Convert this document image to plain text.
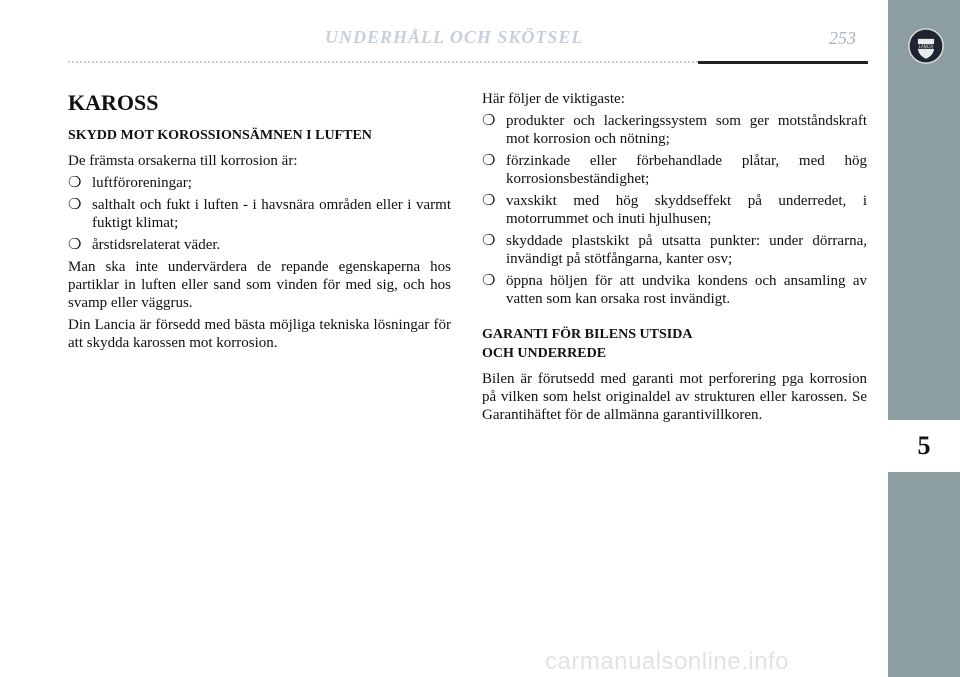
UNDERHÅLL OCH SKÖTSEL	253	LANCIA
5
KAROSS
SKYDD MOT KOROSSIONSÄMNEN I LUFTEN

De främsta orsakerna till korrosion är:

❍ luftföroreningar;
❍ salthalt och fukt i luften - i havsnära områden eller i varmt fuktigt klimat;
❍ årstidsrelaterat väder.

Man ska inte undervärdera de repande egenskaperna hos partiklar in luften eller sand som vinden för med sig, och hos svamp eller väggrus.

Din Lancia är försedd med bästa möjliga tekniska lösningar för att skydda karossen mot korrosion.

Här följer de viktigaste:

❍ produkter och lackeringssystem som ger motståndskraft mot korrosion och nötning;
❍ förzinkade eller förbehandlade plåtar, med hög korrosionsbeständighet;
❍ vaxskikt med hög skyddseffekt på underredet, i motorrummet och inuti hjulhusen;
❍ skyddade plastskikt på utsatta punkter: under dörrarna, invändigt på stötfångarna, kanter osv;
❍ öppna höljen för att undvika kondens och ansamling av vatten som kan orsaka rost invändigt.
GARANTI FÖR BILENS UTSIDA
OCH UNDERREDE

Bilen är förutsedd med garanti mot perforering pga korrosion på vilken som helst originaldel av strukturen eller karossen. Se Garantihäftet för de allmänna garantivillkoren.

carmanualsonline.info
